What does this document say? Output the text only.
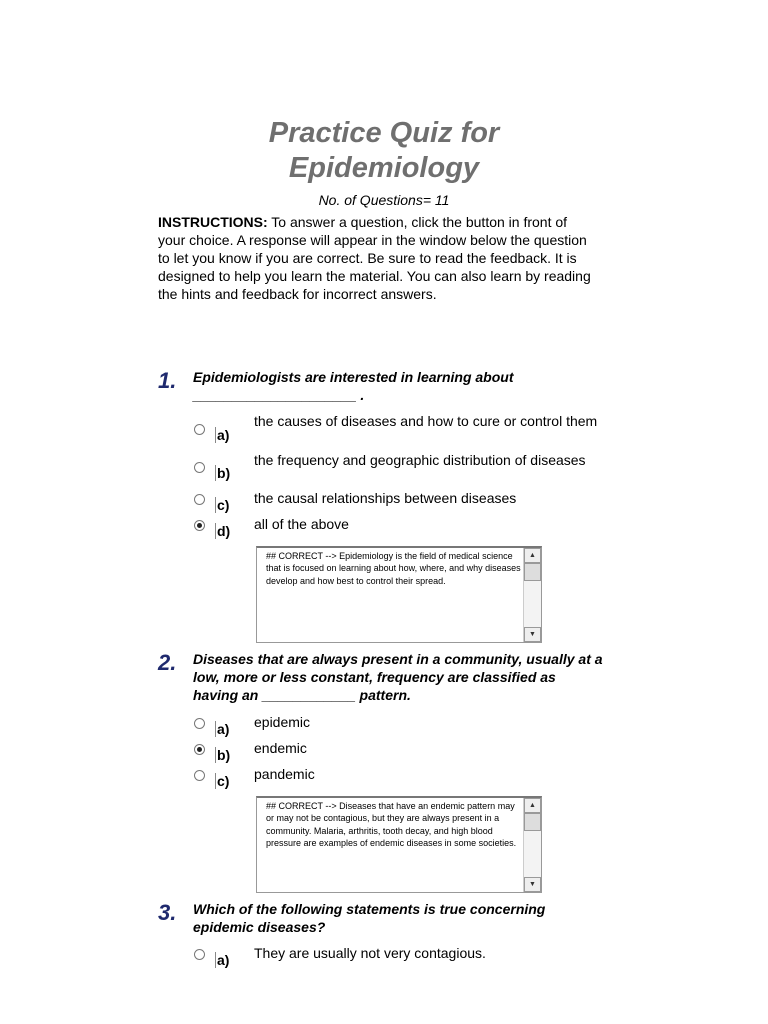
Practice Quiz for
Epidemiology
No. of Questions= 11
INSTRUCTIONS: To answer a question, click the button in front of your choice. A response will appear in the window below the question to let you know if you are correct. Be sure to read the feedback. It is designed to help you learn the material. You can also learn by reading the hints and feedback for incorrect answers.
1. Epidemiologists are interested in learning about _____________________ .
a)
the causes of diseases and how to cure or control them
b)
the frequency and geographic distribution of diseases
c) the causal relationships between diseases
d) all of the above
## CORRECT --> Epidemiology is the field of medical science that is focused on learning about how, where, and why diseases develop and how best to control their spread.
▲
▼
2. Diseases that are always present in a community, usually at a low, more or less constant, frequency are classified as having an ____________ pattern.
a) epidemic
b) endemic
c) pandemic
## CORRECT --> Diseases that have an endemic pattern may or may not be contagious, but they are always present in a community. Malaria, arthritis, tooth decay, and high blood pressure are examples of endemic diseases in some societies.
▲
▼
3. Which of the following statements is true concerning epidemic diseases?
a) They are usually not very contagious.
